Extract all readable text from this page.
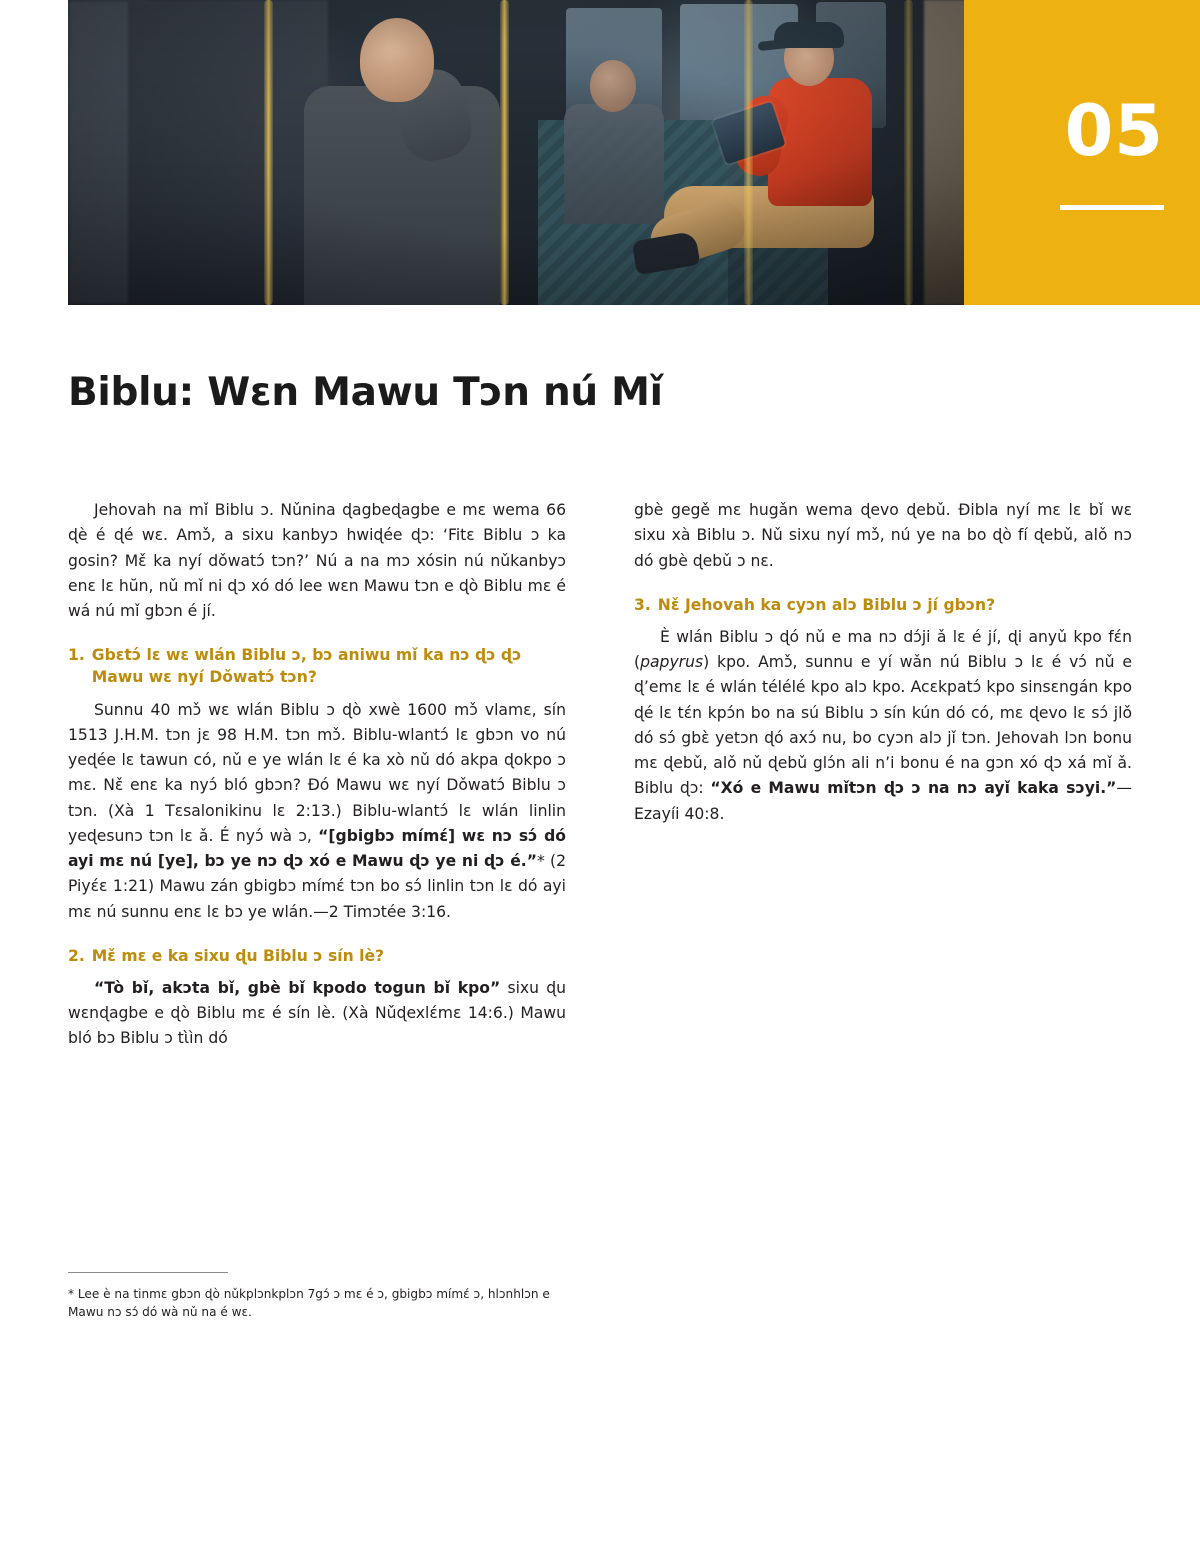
05
Biblu: Wɛn Mawu Tɔn nú Mǐ

Jehovah na mǐ Biblu ɔ. Nǔnina ɖagbeɖagbe e mɛ wema 66 ɖè é ɖé wɛ. Amɔ̌, a sixu kanbyɔ hwiɖée ɖɔ: ‘Fitɛ Biblu ɔ ka gosin? Mɛ̌ ka nyí dǒwatɔ́ tɔn?’ Nú a na mɔ xósin nú nǔkanbyɔ enɛ lɛ hŭn, nǔ mǐ ni ɖɔ xó dó lee wɛn Mawu tɔn e ɖò Biblu mɛ é wá nú mǐ gbɔn é jí.

1. Gbɛtɔ́ lɛ wɛ wlán Biblu ɔ, bɔ aniwu mǐ ka nɔ ɖɔ ɖɔ Mawu wɛ nyí Dǒwatɔ́ tɔn?

Sunnu 40 mɔ̌ wɛ wlán Biblu ɔ ɖò xwè 1600 mɔ̌ vlamɛ, sín 1513 J.H.M. tɔn jɛ 98 H.M. tɔn mɔ̌. Biblu-wlantɔ́ lɛ gbɔn vo nú yeɖée lɛ tawun có, nǔ e ye wlán lɛ é ka xò nǔ dó akpa ɖokpo ɔ mɛ. Nɛ̌ enɛ ka nyɔ́ bló gbɔn? Ðó Mawu wɛ nyí Dǒwatɔ́ Biblu ɔ tɔn. (Xà 1 Tɛsalonikinu lɛ 2:13.) Biblu-wlantɔ́ lɛ wlán linlin yeɖesunɔ tɔn lɛ ǎ. É nyɔ́ wà ɔ, “[gbigbɔ mímɛ́] wɛ nɔ sɔ́ dó ayi mɛ nú [ye], bɔ ye nɔ ɖɔ xó e Mawu ɖɔ ye ni ɖɔ é.”* (2 Piyɛ́ɛ 1:21) Mawu zán gbigbɔ mímɛ́ tɔn bo sɔ́ linlin tɔn lɛ dó ayi mɛ nú sunnu enɛ lɛ bɔ ye wlán.—2 Timɔtée 3:16.

2. Mɛ̌ mɛ e ka sixu ɖu Biblu ɔ sín lè?

“Tò bǐ, akɔta bǐ, gbè bǐ kpodo togun bǐ kpo” sixu ɖu wɛnɖagbe e ɖò Biblu mɛ é sín lè. (Xà Nǔɖexlɛ́mɛ 14:6.) Mawu bló bɔ Biblu ɔ tɩ̀ìn dó

gbè gegě mɛ hugǎn wema ɖevo ɖebǔ. Ðibla nyí mɛ lɛ bǐ wɛ sixu xà Biblu ɔ. Nǔ sixu nyí mɔ̌, nú ye na bo ɖò fí ɖebǔ, alǒ nɔ dó gbè ɖebǔ ɔ nɛ.

3. Nɛ̌ Jehovah ka cyɔn alɔ Biblu ɔ jí gbɔn?

È wlán Biblu ɔ ɖó nǔ e ma nɔ dɔ́ji ǎ lɛ é jí, ɖi anyǔ kpo fɛ́n (papyrus) kpo. Amɔ̌, sunnu e yí wǎn nú Biblu ɔ lɛ é vɔ́ nǔ e ɖ’emɛ lɛ é wlán télélé kpo alɔ kpo. Acɛkpatɔ́ kpo sinsɛngán kpo ɖé lɛ tɛ́n kpɔ́n bo na sú Biblu ɔ sín kún dó có, mɛ ɖevo lɛ sɔ́ jlǒ dó sɔ́ gbɛ̀ yetɔn ɖó axɔ́ nu, bo cyɔn alɔ jǐ tɔn. Jehovah lɔn bonu mɛ ɖebǔ, alǒ nǔ ɖebǔ glɔ́n ali n’i bonu é na gɔn xó ɖɔ xá mǐ ǎ. Biblu ɖɔ: “Xó e Mawu mǐtɔn ɖɔ ɔ na nɔ ayǐ kaka sɔyi.”—Ezayíi 40:8.

* Lee è na tinmɛ gbɔn ɖò nǔkplɔnkplɔn 7gɔ́ ɔ mɛ é ɔ, gbigbɔ mímɛ́ ɔ, hlɔnhlɔn e Mawu nɔ sɔ́ dó wà nǔ na é wɛ.
